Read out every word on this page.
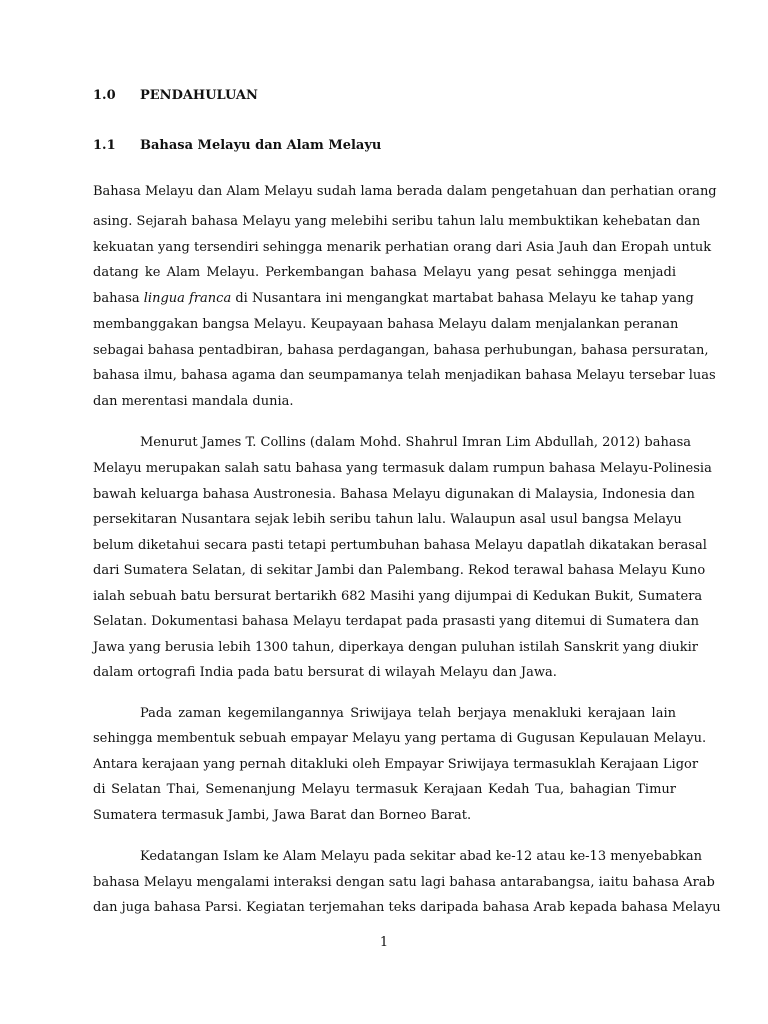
1.0 PENDAHULUAN
1.1 Bahasa Melayu dan Alam Melayu
Bahasa Melayu dan Alam Melayu sudah lama berada dalam pengetahuan dan perhatian orang
asing. Sejarah bahasa Melayu yang melebihi seribu tahun lalu membuktikan kehebatan dan
kekuatan yang tersendiri sehingga menarik perhatian orang dari Asia Jauh dan Eropah untuk
datang ke Alam Melayu. Perkembangan bahasa Melayu yang pesat sehingga menjadi
bahasa lingua franca di Nusantara ini mengangkat martabat bahasa Melayu ke tahap yang
membanggakan bangsa Melayu. Keupayaan bahasa Melayu dalam menjalankan peranan
sebagai bahasa pentadbiran, bahasa perdagangan, bahasa perhubungan, bahasa persuratan,
bahasa ilmu, bahasa agama dan seumpamanya telah menjadikan bahasa Melayu tersebar luas
dan merentasi mandala dunia.
Menurut James T. Collins (dalam Mohd. Shahrul Imran Lim Abdullah, 2012) bahasa
Melayu merupakan salah satu bahasa yang termasuk dalam rumpun bahasa Melayu-Polinesia
bawah keluarga bahasa Austronesia. Bahasa Melayu digunakan di Malaysia, Indonesia dan
persekitaran Nusantara sejak lebih seribu tahun lalu. Walaupun asal usul bangsa Melayu
belum diketahui secara pasti tetapi pertumbuhan bahasa Melayu dapatlah dikatakan berasal
dari Sumatera Selatan, di sekitar Jambi dan Palembang. Rekod terawal bahasa Melayu Kuno
ialah sebuah batu bersurat bertarikh 682 Masihi yang dijumpai di Kedukan Bukit, Sumatera
Selatan. Dokumentasi bahasa Melayu terdapat pada prasasti yang ditemui di Sumatera dan
Jawa yang berusia lebih 1300 tahun, diperkaya dengan puluhan istilah Sanskrit yang diukir
dalam ortografi India pada batu bersurat di wilayah Melayu dan Jawa.
Pada zaman kegemilangannya Sriwijaya telah berjaya menakluki kerajaan lain
sehingga membentuk sebuah empayar Melayu yang pertama di Gugusan Kepulauan Melayu.
Antara kerajaan yang pernah ditakluki oleh Empayar Sriwijaya termasuklah Kerajaan Ligor
di Selatan Thai, Semenanjung Melayu termasuk Kerajaan Kedah Tua, bahagian Timur
Sumatera termasuk Jambi, Jawa Barat dan Borneo Barat.
Kedatangan Islam ke Alam Melayu pada sekitar abad ke-12 atau ke-13 menyebabkan
bahasa Melayu mengalami interaksi dengan satu lagi bahasa antarabangsa, iaitu bahasa Arab
dan juga bahasa Parsi. Kegiatan terjemahan teks daripada bahasa Arab kepada bahasa Melayu
1
